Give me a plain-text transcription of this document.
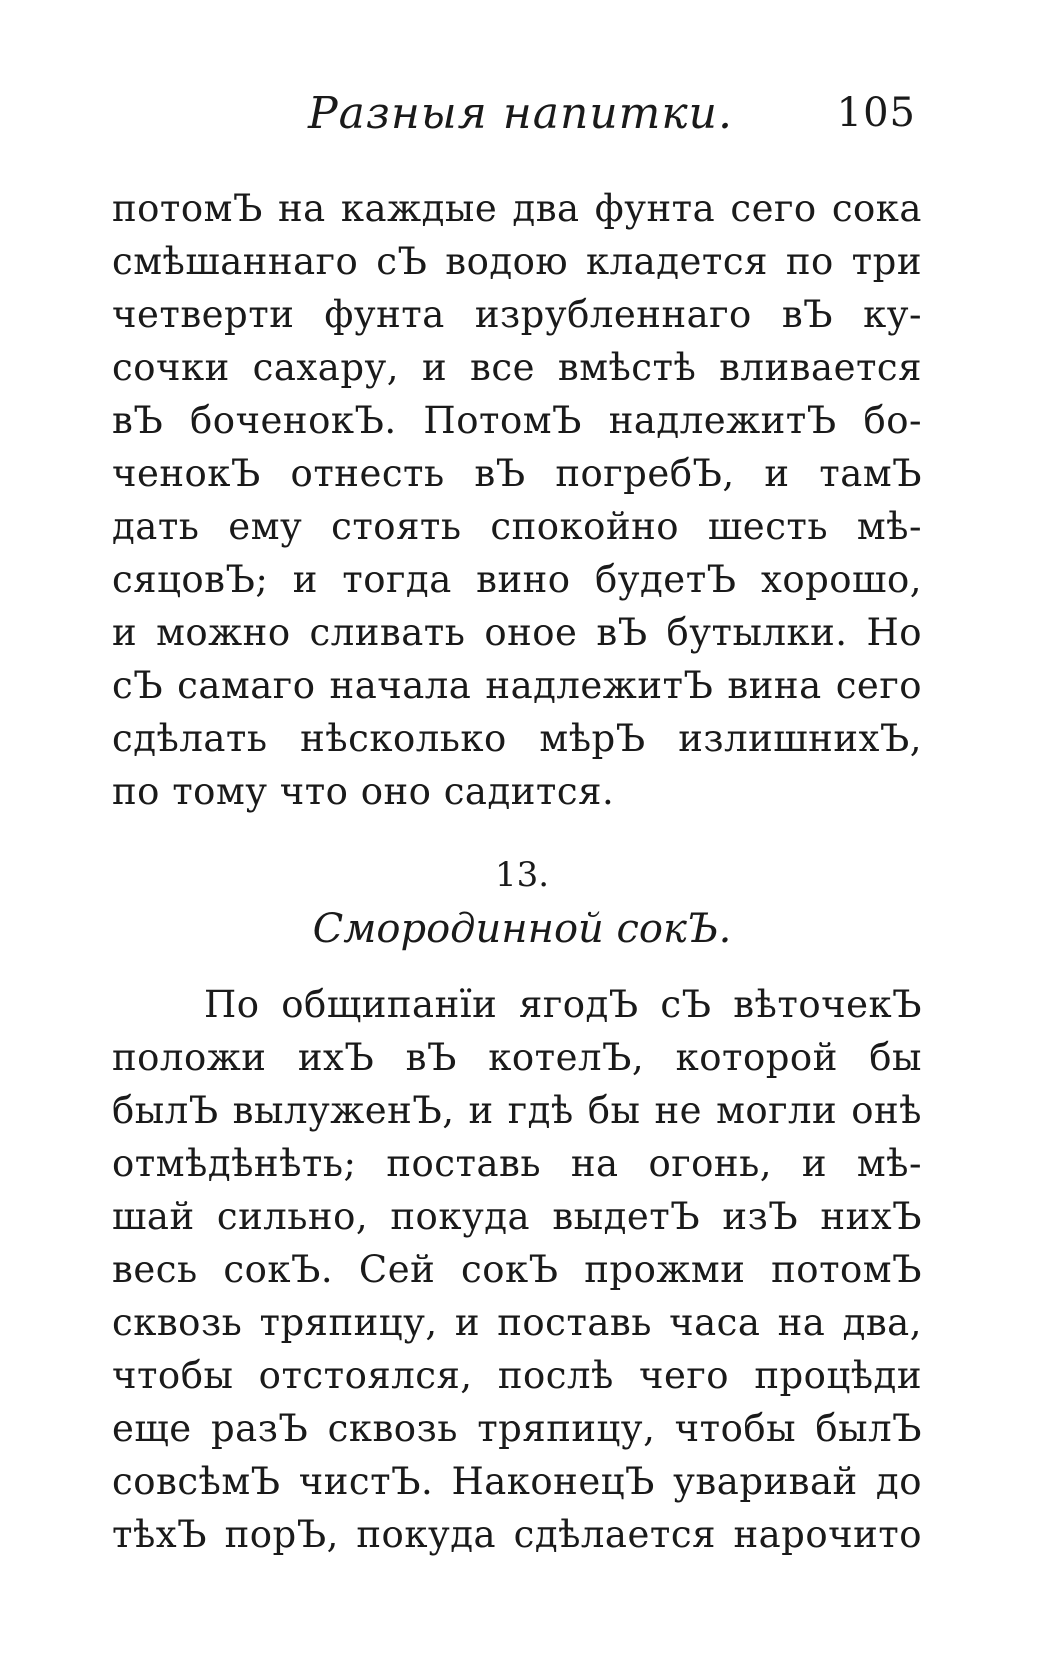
Разныя напитки.	105
потомЪ на каждые два фунта сего сока
смѣшаннаго сЪ водою кладется по три
четверти фунта изрубленнаго вЪ ку-
сочки сахару, и все вмѣстѣ вливается
вЪ боченокЪ. ПотомЪ надлежитЪ бо-
ченокЪ отнесть вЪ погребЪ, и тамЪ
дать ему стоять спокойно шесть мѣ-
сяцовЪ; и тогда вино будетЪ хорошо,
и можно сливать оное вЪ бутылки. Но
сЪ самаго начала надлежитЪ вина сего
сдѣлать нѣсколько мѣрЪ излишнихЪ,
по тому что оно садится.
13.
Смородинной сокЪ.
По общипанїи ягодЪ сЪ вѣточекЪ
положи ихЪ вЪ котелЪ, которой бы
былЪ вылуженЪ, и гдѣ бы не могли онѣ
отмѣдѣнѣть; поставь на огонь, и мѣ-
шай сильно, покуда выдетЪ изЪ нихЪ
весь сокЪ. Сей сокЪ прожми потомЪ
сквозь тряпицу, и поставь часа на два,
чтобы отстоялся, послѣ чего процѣди
еще разЪ сквозь тряпицу, чтобы былЪ
совсѣмЪ чистЪ. НаконецЪ уваривай до
тѣхЪ порЪ, покуда сдѣлается нарочито
